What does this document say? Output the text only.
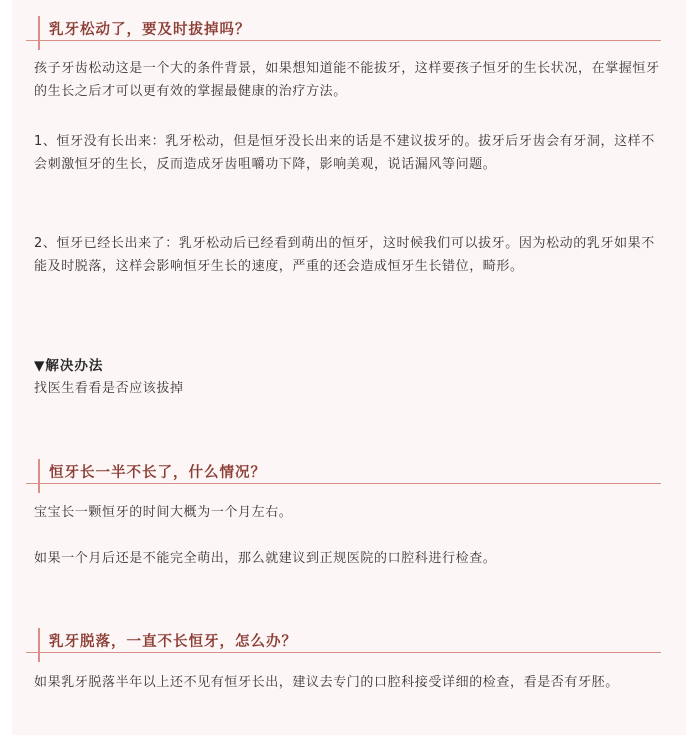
乳牙松动了，要及时拔掉吗？
孩子牙齿松动这是一个大的条件背景，如果想知道能不能拔牙，这样要孩子恒牙的生长状况，在掌握恒牙的生长之后才可以更有效的掌握最健康的治疗方法。
1、恒牙没有长出来：乳牙松动，但是恒牙没长出来的话是不建议拔牙的。拔牙后牙齿会有牙洞，这样不会刺激恒牙的生长，反而造成牙齿咀嚼功下降，影响美观，说话漏风等问题。
2、恒牙已经长出来了：乳牙松动后已经看到萌出的恒牙，这时候我们可以拔牙。因为松动的乳牙如果不能及时脱落，这样会影响恒牙生长的速度，严重的还会造成恒牙生长错位，畸形。
▼解决办法
找医生看看是否应该拔掉
恒牙长一半不长了，什么情况？
宝宝长一颗恒牙的时间大概为一个月左右。
如果一个月后还是不能完全萌出，那么就建议到正规医院的口腔科进行检查。
乳牙脱落，一直不长恒牙，怎么办？
如果乳牙脱落半年以上还不见有恒牙长出，建议去专门的口腔科接受详细的检查，看是否有牙胚。
